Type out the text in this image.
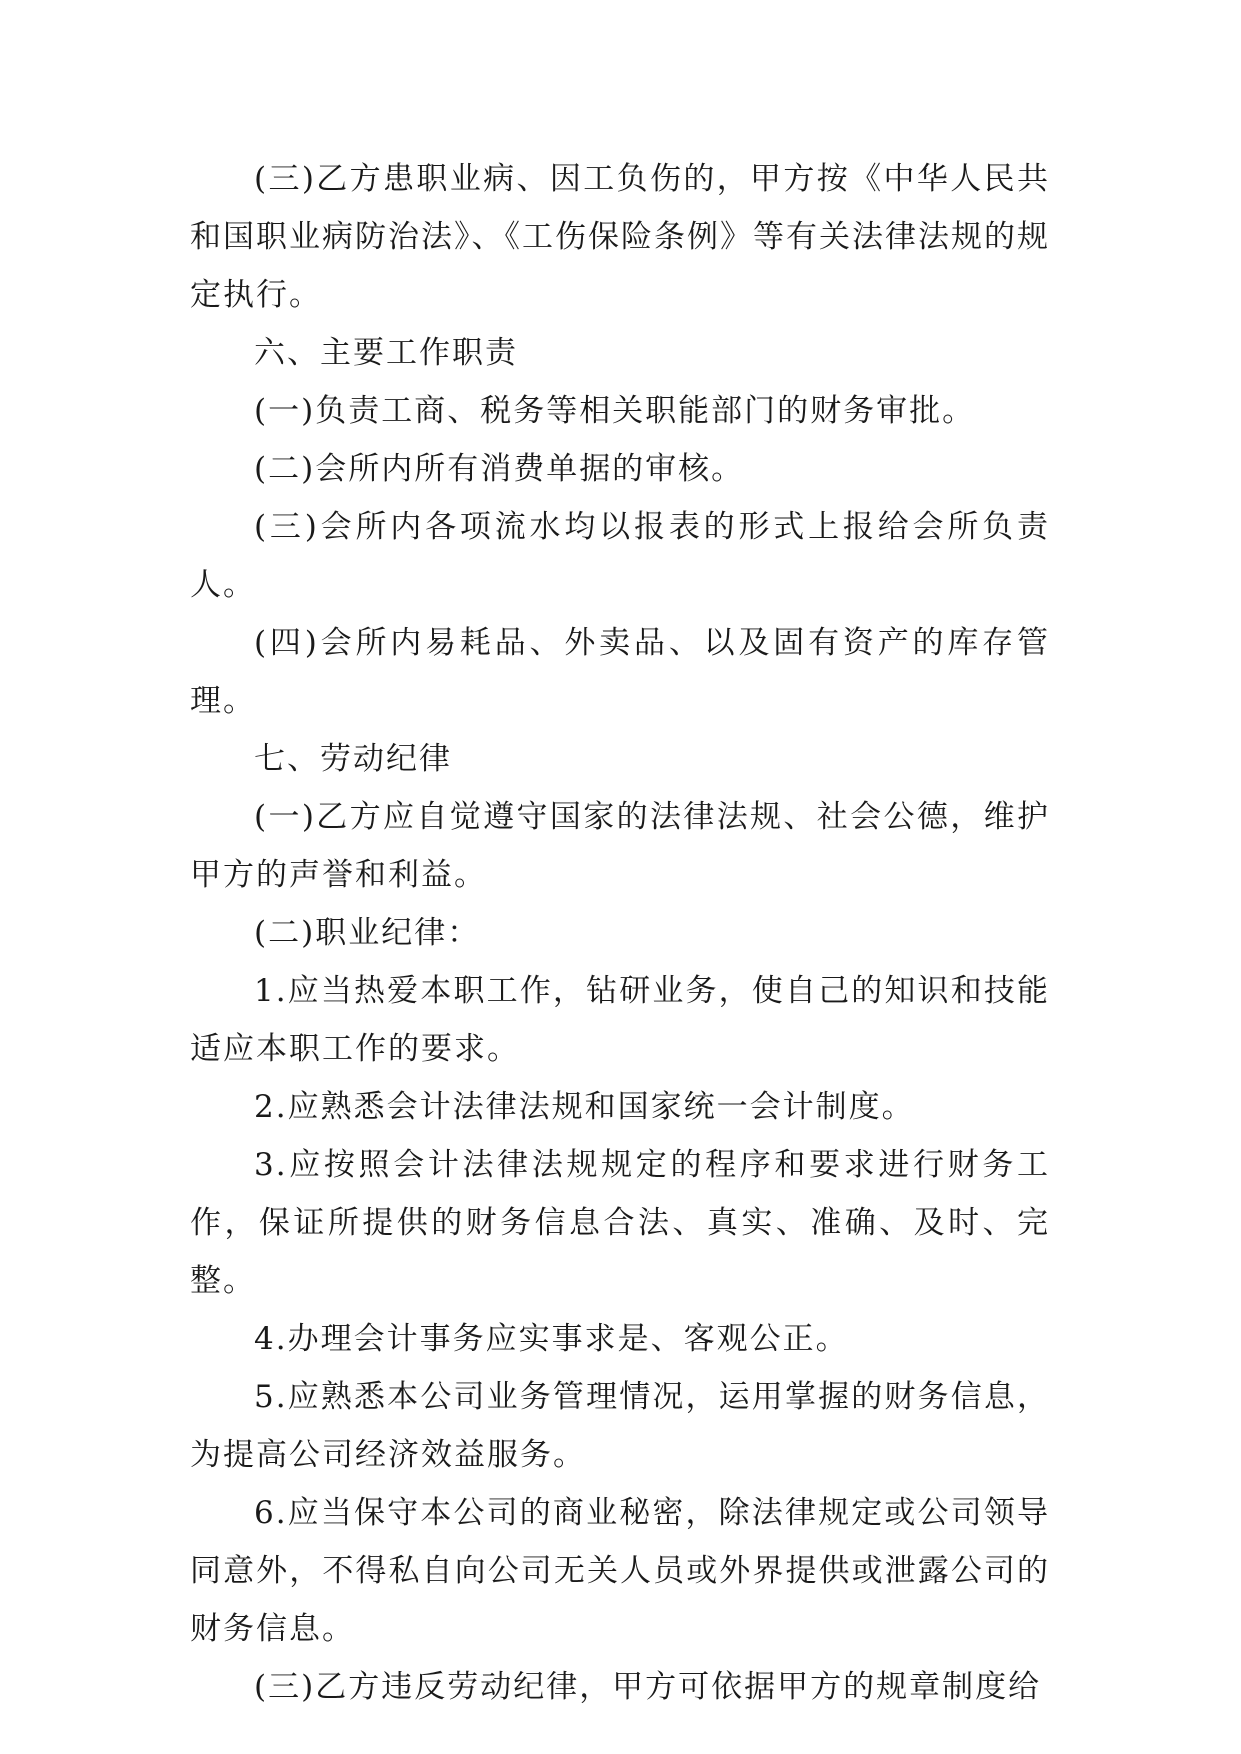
(三)乙方患职业病、因工负伤的，甲方按《中华人民共和国职业病防治法》、《工伤保险条例》等有关法律法规的规定执行。

六、主要工作职责

(一)负责工商、税务等相关职能部门的财务审批。

(二)会所内所有消费单据的审核。

(三)会所内各项流水均以报表的形式上报给会所负责人。

(四)会所内易耗品、外卖品、以及固有资产的库存管理。

七、劳动纪律

(一)乙方应自觉遵守国家的法律法规、社会公德，维护甲方的声誉和利益。

(二)职业纪律：

1.应当热爱本职工作，钻研业务，使自己的知识和技能适应本职工作的要求。

2.应熟悉会计法律法规和国家统一会计制度。

3.应按照会计法律法规规定的程序和要求进行财务工作，保证所提供的财务信息合法、真实、准确、及时、完整。

4.办理会计事务应实事求是、客观公正。

5.应熟悉本公司业务管理情况，运用掌握的财务信息，为提高公司经济效益服务。

6.应当保守本公司的商业秘密，除法律规定或公司领导同意外，不得私自向公司无关人员或外界提供或泄露公司的财务信息。

(三)乙方违反劳动纪律，甲方可依据甲方的规章制度给
